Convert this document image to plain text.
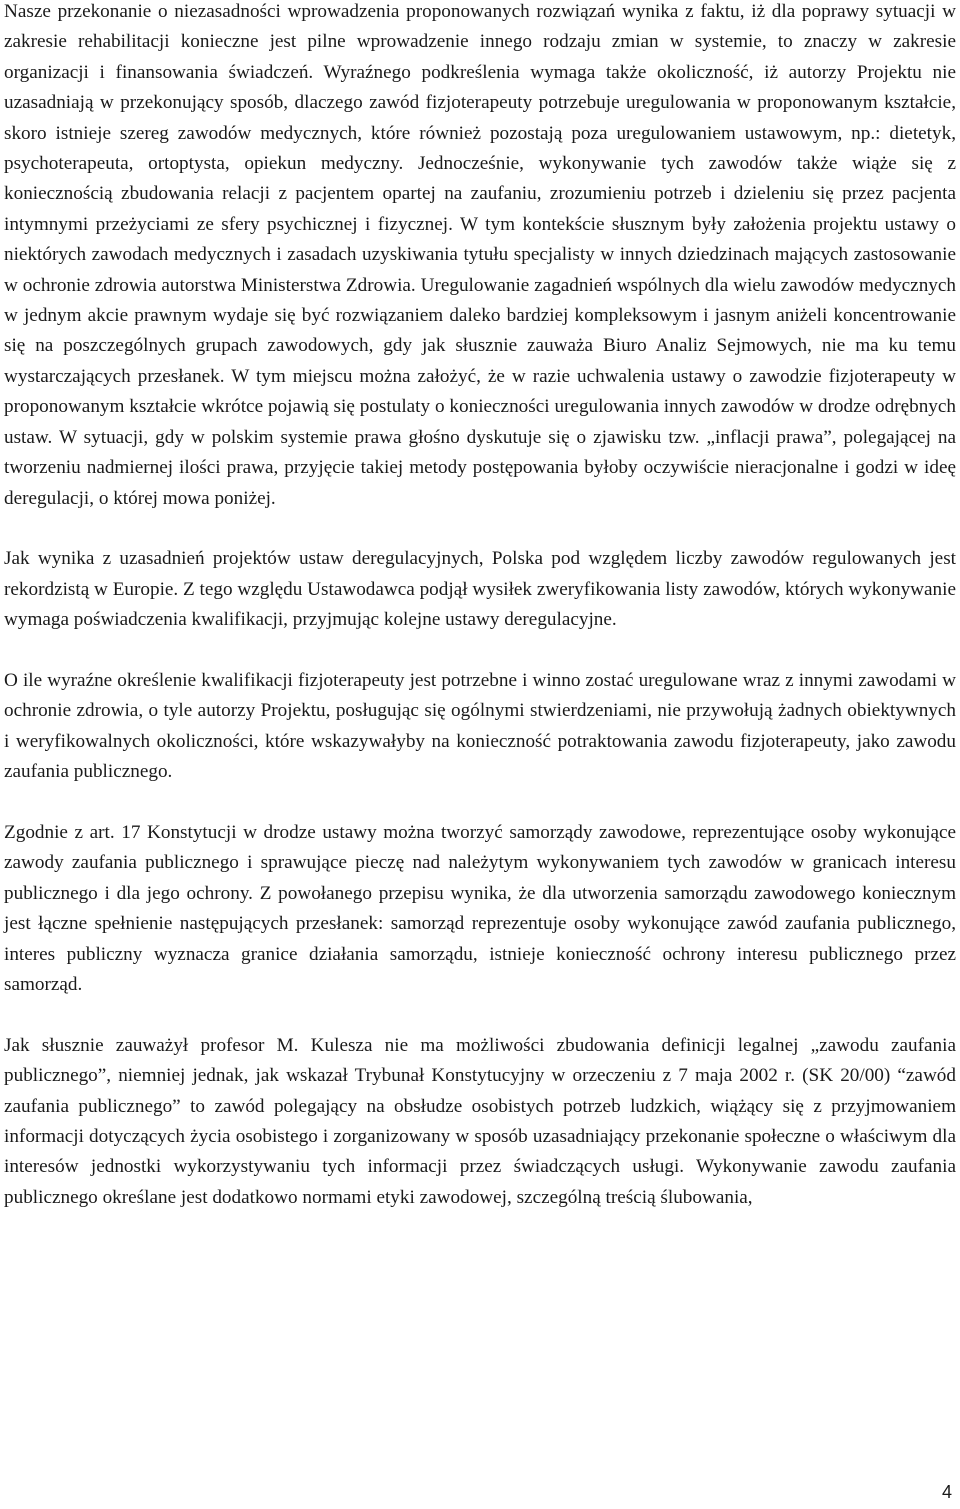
Nasze przekonanie o niezasadności wprowadzenia proponowanych rozwiązań wynika z faktu, iż dla poprawy sytuacji w zakresie rehabilitacji konieczne jest pilne wprowadzenie innego rodzaju zmian w systemie, to znaczy w zakresie organizacji i finansowania świadczeń. Wyraźnego podkreślenia wymaga także okoliczność, iż autorzy Projektu nie uzasadniają w przekonujący sposób, dlaczego zawód fizjoterapeuty potrzebuje uregulowania w proponowanym kształcie, skoro istnieje szereg zawodów medycznych, które również pozostają poza uregulowaniem ustawowym, np.: dietetyk, psychoterapeuta, ortoptysta, opiekun medyczny. Jednocześnie, wykonywanie tych zawodów także wiąże się z koniecznością zbudowania relacji z pacjentem opartej na zaufaniu, zrozumieniu potrzeb i dzieleniu się przez pacjenta intymnymi przeżyciami ze sfery psychicznej i fizycznej. W tym kontekście słusznym były założenia projektu ustawy o niektórych zawodach medycznych i zasadach uzyskiwania tytułu specjalisty w innych dziedzinach mających zastosowanie w ochronie zdrowia autorstwa Ministerstwa Zdrowia. Uregulowanie zagadnień wspólnych dla wielu zawodów medycznych w jednym akcie prawnym wydaje się być rozwiązaniem daleko bardziej kompleksowym i jasnym aniżeli koncentrowanie się na poszczególnych grupach zawodowych, gdy jak słusznie zauważa Biuro Analiz Sejmowych, nie ma ku temu wystarczających przesłanek. W tym miejscu można założyć, że w razie uchwalenia ustawy o zawodzie fizjoterapeuty w proponowanym kształcie wkrótce pojawią się postulaty o konieczności uregulowania innych zawodów w drodze odrębnych ustaw. W sytuacji, gdy w polskim systemie prawa głośno dyskutuje się o zjawisku tzw. „inflacji prawa”, polegającej na tworzeniu nadmiernej ilości prawa, przyjęcie takiej metody postępowania byłoby oczywiście nieracjonalne i godzi w ideę deregulacji, o której mowa poniżej.

Jak wynika z uzasadnień projektów ustaw deregulacyjnych, Polska pod względem liczby zawodów regulowanych jest rekordzistą w Europie. Z tego względu Ustawodawca podjął wysiłek zweryfikowania listy zawodów, których wykonywanie wymaga poświadczenia kwalifikacji, przyjmując kolejne ustawy deregulacyjne.

O ile wyraźne określenie kwalifikacji fizjoterapeuty jest potrzebne i winno zostać uregulowane wraz z innymi zawodami w ochronie zdrowia, o tyle autorzy Projektu, posługując się ogólnymi stwierdzeniami, nie przywołują żadnych obiektywnych i weryfikowalnych okoliczności, które wskazywałyby na konieczność potraktowania zawodu fizjoterapeuty, jako zawodu zaufania publicznego.

Zgodnie z art. 17 Konstytucji w drodze ustawy można tworzyć samorządy zawodowe, reprezentujące osoby wykonujące zawody zaufania publicznego i sprawujące pieczę nad należytym wykonywaniem tych zawodów w granicach interesu publicznego i dla jego ochrony. Z powołanego przepisu wynika, że dla utworzenia samorządu zawodowego koniecznym jest łączne spełnienie następujących przesłanek: samorząd reprezentuje osoby wykonujące zawód zaufania publicznego, interes publiczny wyznacza granice działania samorządu, istnieje konieczność ochrony interesu publicznego przez samorząd.

Jak słusznie zauważył profesor M. Kulesza nie ma możliwości zbudowania definicji legalnej „zawodu zaufania publicznego”, niemniej jednak, jak wskazał Trybunał Konstytucyjny w orzeczeniu z 7 maja 2002 r. (SK 20/00) “zawód zaufania publicznego” to zawód polegający na obsłudze osobistych potrzeb ludzkich, wiążący się z przyjmowaniem informacji dotyczących życia osobistego i zorganizowany w sposób uzasadniający przekonanie społeczne o właściwym dla interesów jednostki wykorzystywaniu tych informacji przez świadczących usługi. Wykonywanie zawodu zaufania publicznego określane jest dodatkowo normami etyki zawodowej, szczególną treścią ślubowania,

4
